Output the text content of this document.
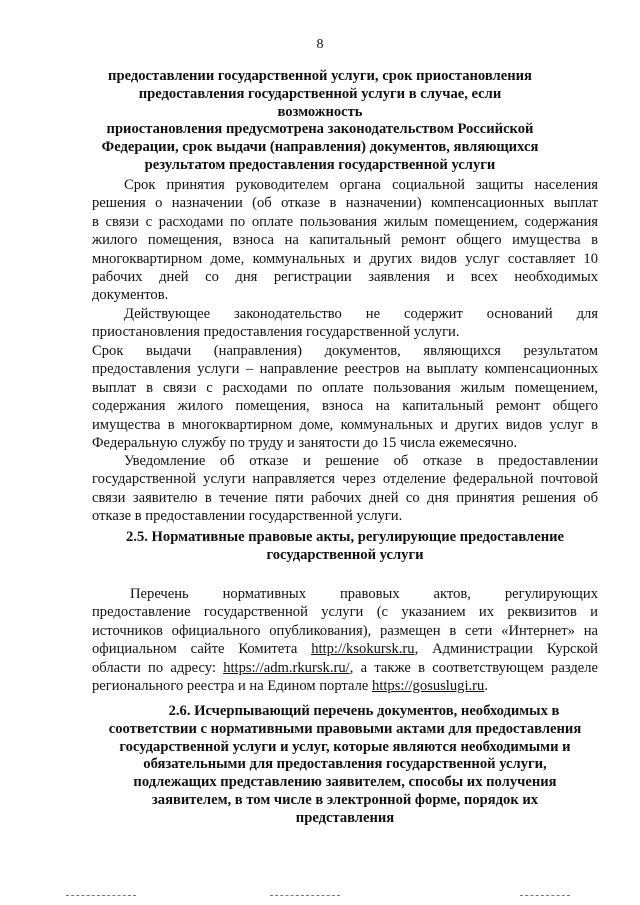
8
предоставлении государственной услуги, срок приостановления
предоставления государственной услуги в случае, если возможность
приостановления предусмотрена законодательством Российской
Федерации, срок выдачи (направления) документов, являющихся
результатом предоставления государственной услуги
Срок принятия руководителем органа социальной защиты населения
решения о назначении (об отказе в назначении) компенсационных выплат
в связи с расходами по оплате пользования жилым помещением, содержания
жилого помещения, взноса на капитальный ремонт общего имущества в
многоквартирном доме, коммунальных и других видов услуг составляет 10
рабочих дней со дня регистрации заявления и всех необходимых
документов.
Действующее законодательство не содержит оснований для
приостановления предоставления государственной услуги.
Срок выдачи (направления) документов, являющихся результатом
предоставления услуги – направление реестров на выплату компенсационных
выплат в связи с расходами по оплате пользования жилым помещением,
содержания жилого помещения, взноса на капитальный ремонт общего
имущества в многоквартирном доме, коммунальных и других видов услуг в
Федеральную службу по труду и занятости до 15 числа ежемесячно.
Уведомление об отказе и решение об отказе в предоставлении
государственной услуги направляется через отделение федеральной почтовой
связи заявителю в течение пяти рабочих дней со дня принятия решения об
отказе в предоставлении государственной услуги.
2.5. Нормативные правовые акты, регулирующие предоставление
государственной услуги
Перечень нормативных правовых актов, регулирующих
предоставление государственной услуги (с указанием их реквизитов и
источников официального опубликования), размещен в сети «Интернет» на
официальном сайте Комитета http://ksokursk.ru, Администрации Курской
области по адресу: https://adm.rkursk.ru/, а также в соответствующем разделе
регионального реестра и на Едином портале https://gosuslugi.ru.
2.6. Исчерпывающий перечень документов, необходимых в
соответствии с нормативными правовыми актами для предоставления
государственной услуги и услуг, которые являются необходимыми и
обязательными для предоставления государственной услуги,
подлежащих представлению заявителем, способы их получения
заявителем, в том числе в электронной форме, порядок их
представления
